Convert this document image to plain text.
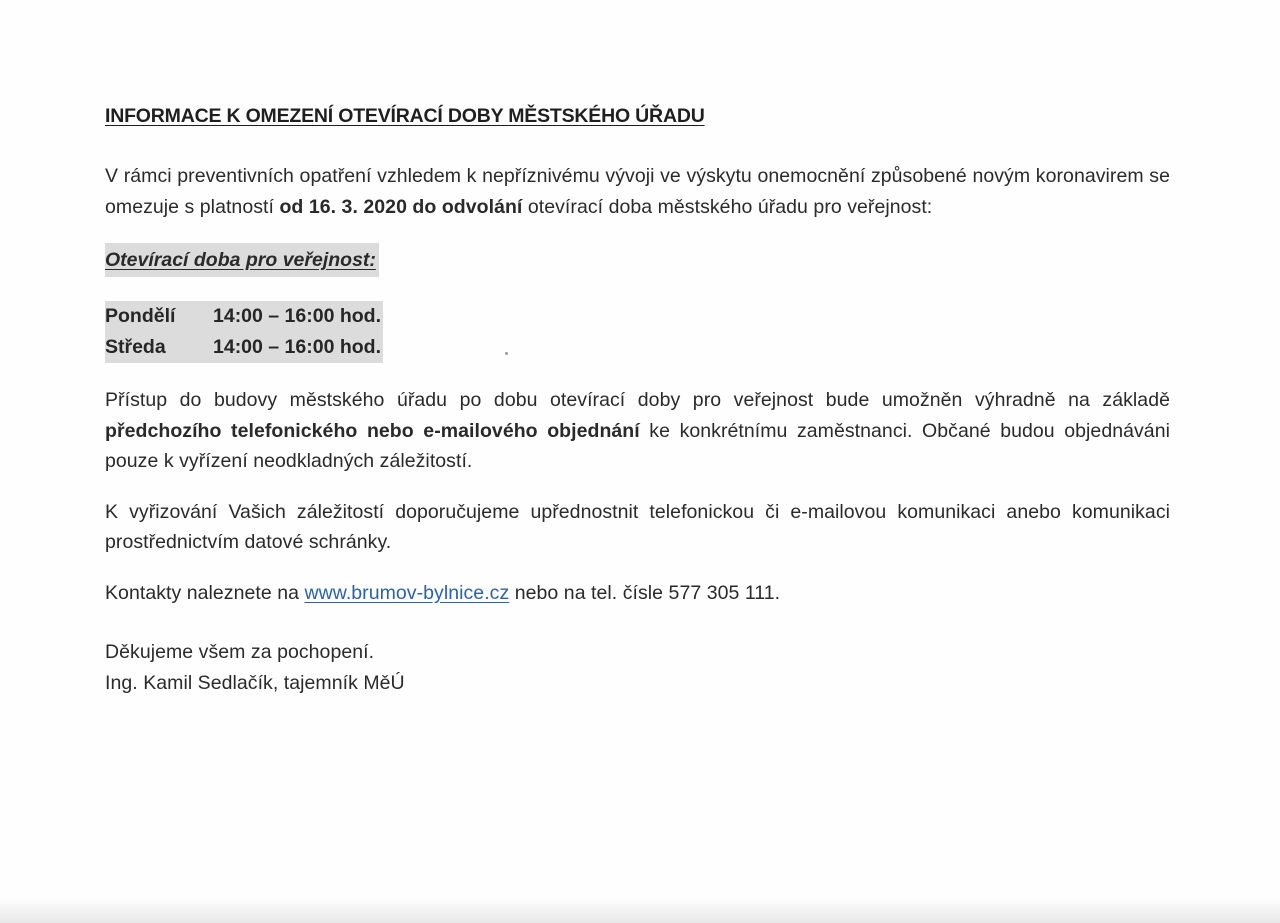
INFORMACE K OMEZENÍ OTEVÍRACÍ DOBY MĚSTSKÉHO ÚŘADU

V rámci preventivních opatření vzhledem k nepříznivému vývoji ve výskytu onemocnění způsobené novým koronavirem se omezuje s platností od 16. 3. 2020 do odvolání otevírací doba městského úřadu pro veřejnost:

Otevírací doba pro veřejnost:
Pondělí	14:00 – 16:00 hod.
Středa	14:00 – 16:00 hod.

Přístup do budovy městského úřadu po dobu otevírací doby pro veřejnost bude umožněn výhradně na základě předchozího telefonického nebo e-mailového objednání ke konkrétnímu zaměstnanci. Občané budou objednáváni pouze k vyřízení neodkladných záležitostí.

K vyřizování Vašich záležitostí doporučujeme upřednostnit telefonickou či e-mailovou komunikaci anebo komunikaci prostřednictvím datové schránky.

Kontakty naleznete na www.brumov-bylnice.cz nebo na tel. čísle 577 305 111.

Děkujeme všem za pochopení.

Ing. Kamil Sedlačík, tajemník MěÚ
